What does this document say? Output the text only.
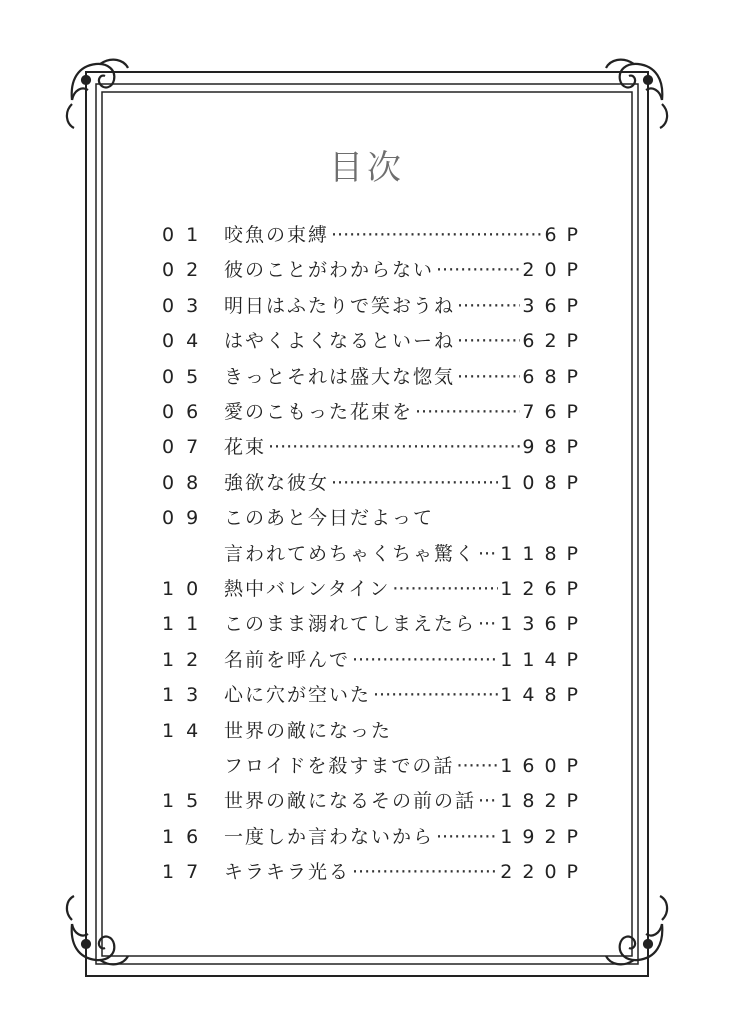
目次
01 咬魚の束縛 ·····	6P
02 彼のことがわからない ·····	20P
03 明日はふたりで笑おうね ·····	36P
04 はやくよくなるといーね ·····	62P
05 きっとそれは盛大な惚気 ·····	68P
06 愛のこもった花束を ·····	76P
07 花束 ·····	98P
08 強欲な彼女 ·····	108P
09 このあと今日だよって
言われてめちゃくちゃ驚く ····· 118P
10 熱中バレンタイン ·····	126P
11 このまま溺れてしまえたら ····· 136P
12 名前を呼んで ·····	114P
13 心に穴が空いた ·····	148P
14 世界の敵になった
フロイドを殺すまでの話 ····· 160P
15 世界の敵になるその前の話 ····· 182P
16 一度しか言わないから ·····	192P
17 キラキラ光る ·····	220P
